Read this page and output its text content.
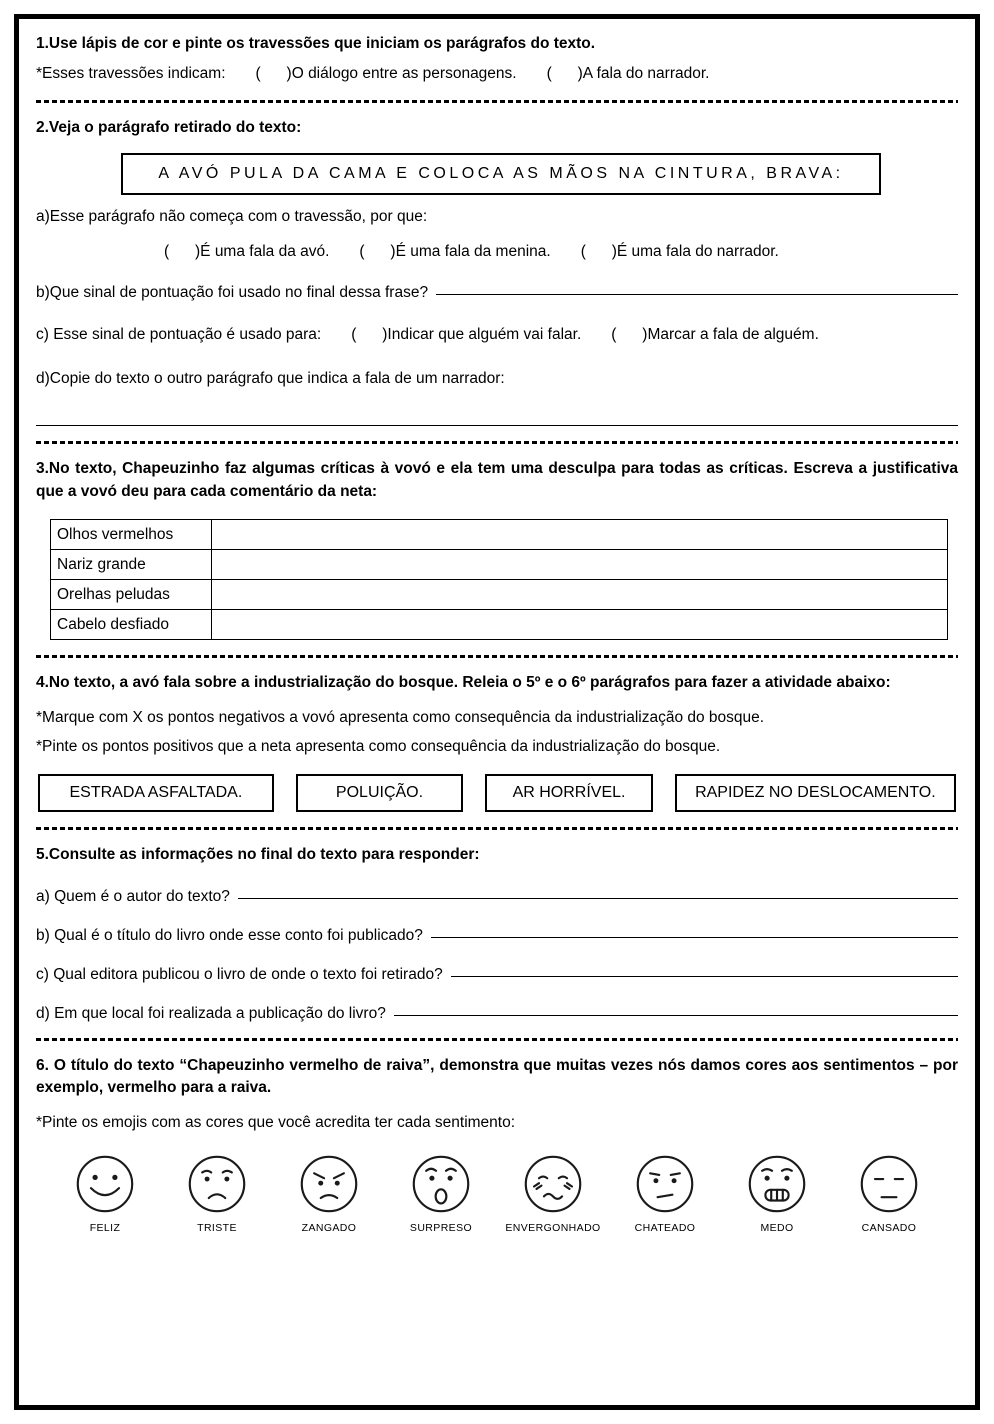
1.Use lápis de cor e pinte os travessões que iniciam os parágrafos do texto.
*Esses travessões indicam: (      ) O diálogo entre as personagens. (      ) A fala do narrador.
2.Veja o parágrafo retirado do texto:
A AVÓ PULA DA CAMA E COLOCA AS MÃOS NA CINTURA, BRAVA:
a)Esse parágrafo não começa com o travessão, por que:
(      ) É uma fala da avó. (      ) É uma fala da menina. (      ) É uma fala do narrador.
b)Que sinal de pontuação foi usado no final dessa frase?
c) Esse sinal de pontuação é usado para: (      ) Indicar que alguém vai falar. (      ) Marcar a fala de alguém.
d)Copie do texto o outro parágrafo que indica a fala de um narrador:
3.No texto, Chapeuzinho faz algumas críticas à vovó e ela tem uma desculpa para todas as críticas. Escreva a justificativa que a vovó deu para cada comentário da neta:
Olhos vermelhos	
Nariz grande	
Orelhas peludas	
Cabelo desfiado	
4.No texto, a avó fala sobre a industrialização do bosque. Releia o 5º e o 6º parágrafos para fazer a atividade abaixo:
*Marque com X os pontos negativos a vovó apresenta como consequência da industrialização do bosque.
*Pinte os pontos positivos que a neta apresenta como consequência da industrialização do bosque.
ESTRADA ASFALTADA.	POLUIÇÃO.	AR HORRÍVEL.	RAPIDEZ NO DESLOCAMENTO.
5.Consulte as informações no final do texto para responder:
a) Quem é o autor do texto?
b) Qual é o título do livro onde esse conto foi publicado?
c) Qual editora publicou o livro de onde o texto foi retirado?
d) Em que local foi realizada a publicação do livro?
6. O título do texto “Chapeuzinho vermelho de raiva”, demonstra que muitas vezes nós damos cores aos sentimentos – por exemplo, vermelho para a raiva.
*Pinte os emojis com as cores que você acredita ter cada sentimento:
FELIZ	TRISTE	ZANGADO	SURPRESO	ENVERGONHADO	CHATEADO	MEDO	CANSADO
